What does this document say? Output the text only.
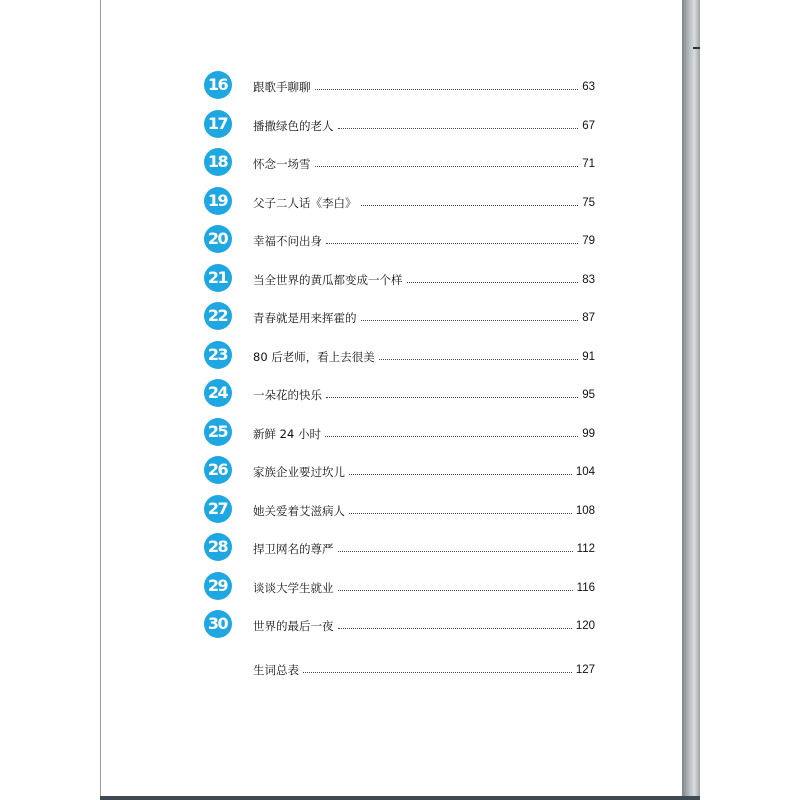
16	跟歌手聊聊	63
17	播撒绿色的老人	67
18	怀念一场雪	71
19	父子二人话《李白》	75
20	幸福不问出身	79
21	当全世界的黄瓜都变成一个样	83
22	青春就是用来挥霍的	87
23	80 后老师，看上去很美	91
24	一朵花的快乐	95
25	新鲜 24 小时	99
26	家族企业要过坎儿	104
27	她关爱着艾滋病人	108
28	捍卫网名的尊严	112
29	谈谈大学生就业	116
30	世界的最后一夜	120
生词总表	127
